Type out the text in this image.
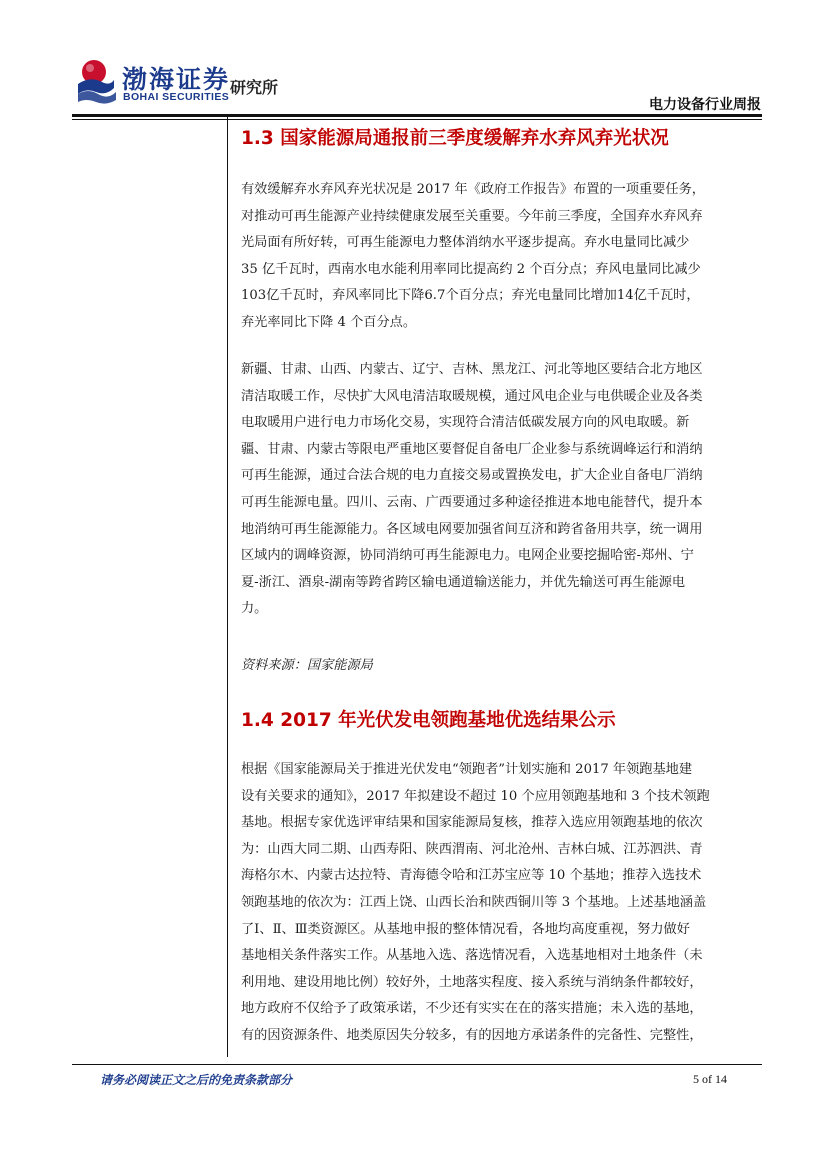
渤海证券
BOHAI SECURITIES 研究所
电力设备行业周报
1.3 国家能源局通报前三季度缓解弃水弃风弃光状况

有效缓解弃水弃风弃光状况是 2017 年《政府工作报告》布置的一项重要任务，
对推动可再生能源产业持续健康发展至关重要。今年前三季度，全国弃水弃风弃
光局面有所好转，可再生能源电力整体消纳水平逐步提高。弃水电量同比减少
35 亿千瓦时，西南水电水能利用率同比提高约 2 个百分点；弃风电量同比减少
103亿千瓦时，弃风率同比下降6.7个百分点；弃光电量同比增加14亿千瓦时，
弃光率同比下降 4 个百分点。

新疆、甘肃、山西、内蒙古、辽宁、吉林、黑龙江、河北等地区要结合北方地区
清洁取暖工作，尽快扩大风电清洁取暖规模，通过风电企业与电供暖企业及各类
电取暖用户进行电力市场化交易，实现符合清洁低碳发展方向的风电取暖。新
疆、甘肃、内蒙古等限电严重地区要督促自备电厂企业参与系统调峰运行和消纳
可再生能源，通过合法合规的电力直接交易或置换发电，扩大企业自备电厂消纳
可再生能源电量。四川、云南、广西要通过多种途径推进本地电能替代，提升本
地消纳可再生能源能力。各区域电网要加强省间互济和跨省备用共享，统一调用
区域内的调峰资源，协同消纳可再生能源电力。电网企业要挖掘哈密-郑州、宁
夏-浙江、酒泉-湖南等跨省跨区输电通道输送能力，并优先输送可再生能源电
力。

资料来源：国家能源局
1.4 2017 年光伏发电领跑基地优选结果公示

根据《国家能源局关于推进光伏发电“领跑者”计划实施和 2017 年领跑基地建
设有关要求的通知》，2017 年拟建设不超过 10 个应用领跑基地和 3 个技术领跑
基地。根据专家优选评审结果和国家能源局复核，推荐入选应用领跑基地的依次
为：山西大同二期、山西寿阳、陕西渭南、河北沧州、吉林白城、江苏泗洪、青
海格尔木、内蒙古达拉特、青海德令哈和江苏宝应等 10 个基地；推荐入选技术
领跑基地的依次为：江西上饶、山西长治和陕西铜川等 3 个基地。上述基地涵盖
了Ⅰ、Ⅱ、Ⅲ类资源区。从基地申报的整体情况看，各地均高度重视，努力做好
基地相关条件落实工作。从基地入选、落选情况看，入选基地相对土地条件（未
利用地、建设用地比例）较好外，土地落实程度、接入系统与消纳条件都较好，
地方政府不仅给予了政策承诺，不少还有实实在在的落实措施；未入选的基地，
有的因资源条件、地类原因失分较多，有的因地方承诺条件的完备性、完整性，

请务必阅读正文之后的免责条款部分	5 of 14
